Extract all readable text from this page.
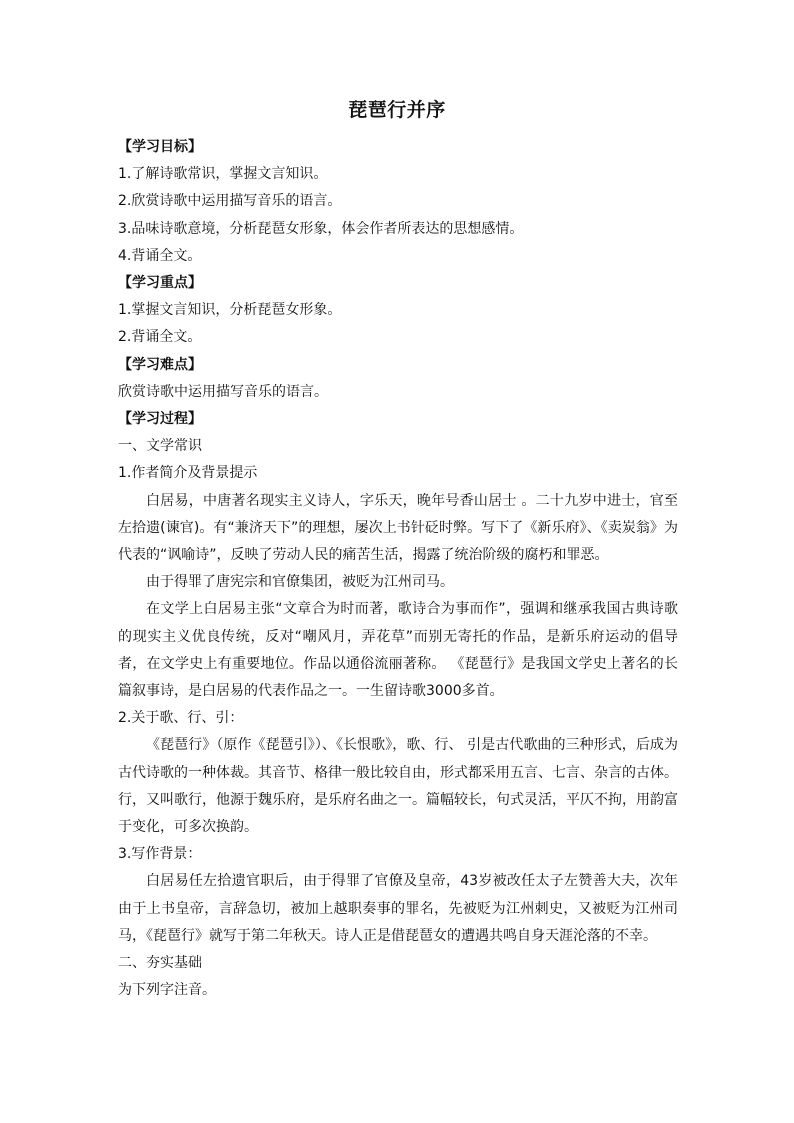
琵琶行并序

【学习目标】

1.了解诗歌常识，掌握文言知识。

2.欣赏诗歌中运用描写音乐的语言。

3.品味诗歌意境，分析琵琶女形象，体会作者所表达的思想感情。

4.背诵全文。

【学习重点】

1.掌握文言知识，分析琵琶女形象。

2.背诵全文。

【学习难点】

欣赏诗歌中运用描写音乐的语言。

【学习过程】

一、文学常识

1.作者简介及背景提示

白居易，中唐著名现实主义诗人，字乐天，晚年号香山居士 。二十九岁中进士，官至左拾遗(谏官)。有“兼济天下”的理想，屡次上书针砭时弊。写下了《新乐府》、《卖炭翁》为代表的“讽喻诗”，反映了劳动人民的痛苦生活，揭露了统治阶级的腐朽和罪恶。

由于得罪了唐宪宗和官僚集团，被贬为江州司马。

在文学上白居易主张“文章合为时而著，歌诗合为事而作”，强调和继承我国古典诗歌的现实主义优良传统，反对“嘲风月，弄花草”而别无寄托的作品，是新乐府运动的倡导者，在文学史上有重要地位。作品以通俗流丽著称。 《琵琶行》是我国文学史上著名的长篇叙事诗，是白居易的代表作品之一。一生留诗歌3000多首。

2.关于歌、行、引：

《琵琶行》（原作《琵琶引》）、《长恨歌》，歌、行、 引是古代歌曲的三种形式，后成为古代诗歌的一种体裁。其音节、格律一般比较自由，形式都采用五言、七言、杂言的古体。行，又叫歌行，他源于魏乐府，是乐府名曲之一。篇幅较长，句式灵活，平仄不拘，用韵富于变化，可多次换韵。

3.写作背景：

白居易任左拾遗官职后，由于得罪了官僚及皇帝，43岁被改任太子左赞善大夫，次年由于上书皇帝，言辞急切，被加上越职奏事的罪名，先被贬为江州刺史，又被贬为江州司马，《琵琶行》就写于第二年秋天。诗人正是借琵琶女的遭遇共鸣自身天涯沦落的不幸。

二、夯实基础

为下列字注音。
